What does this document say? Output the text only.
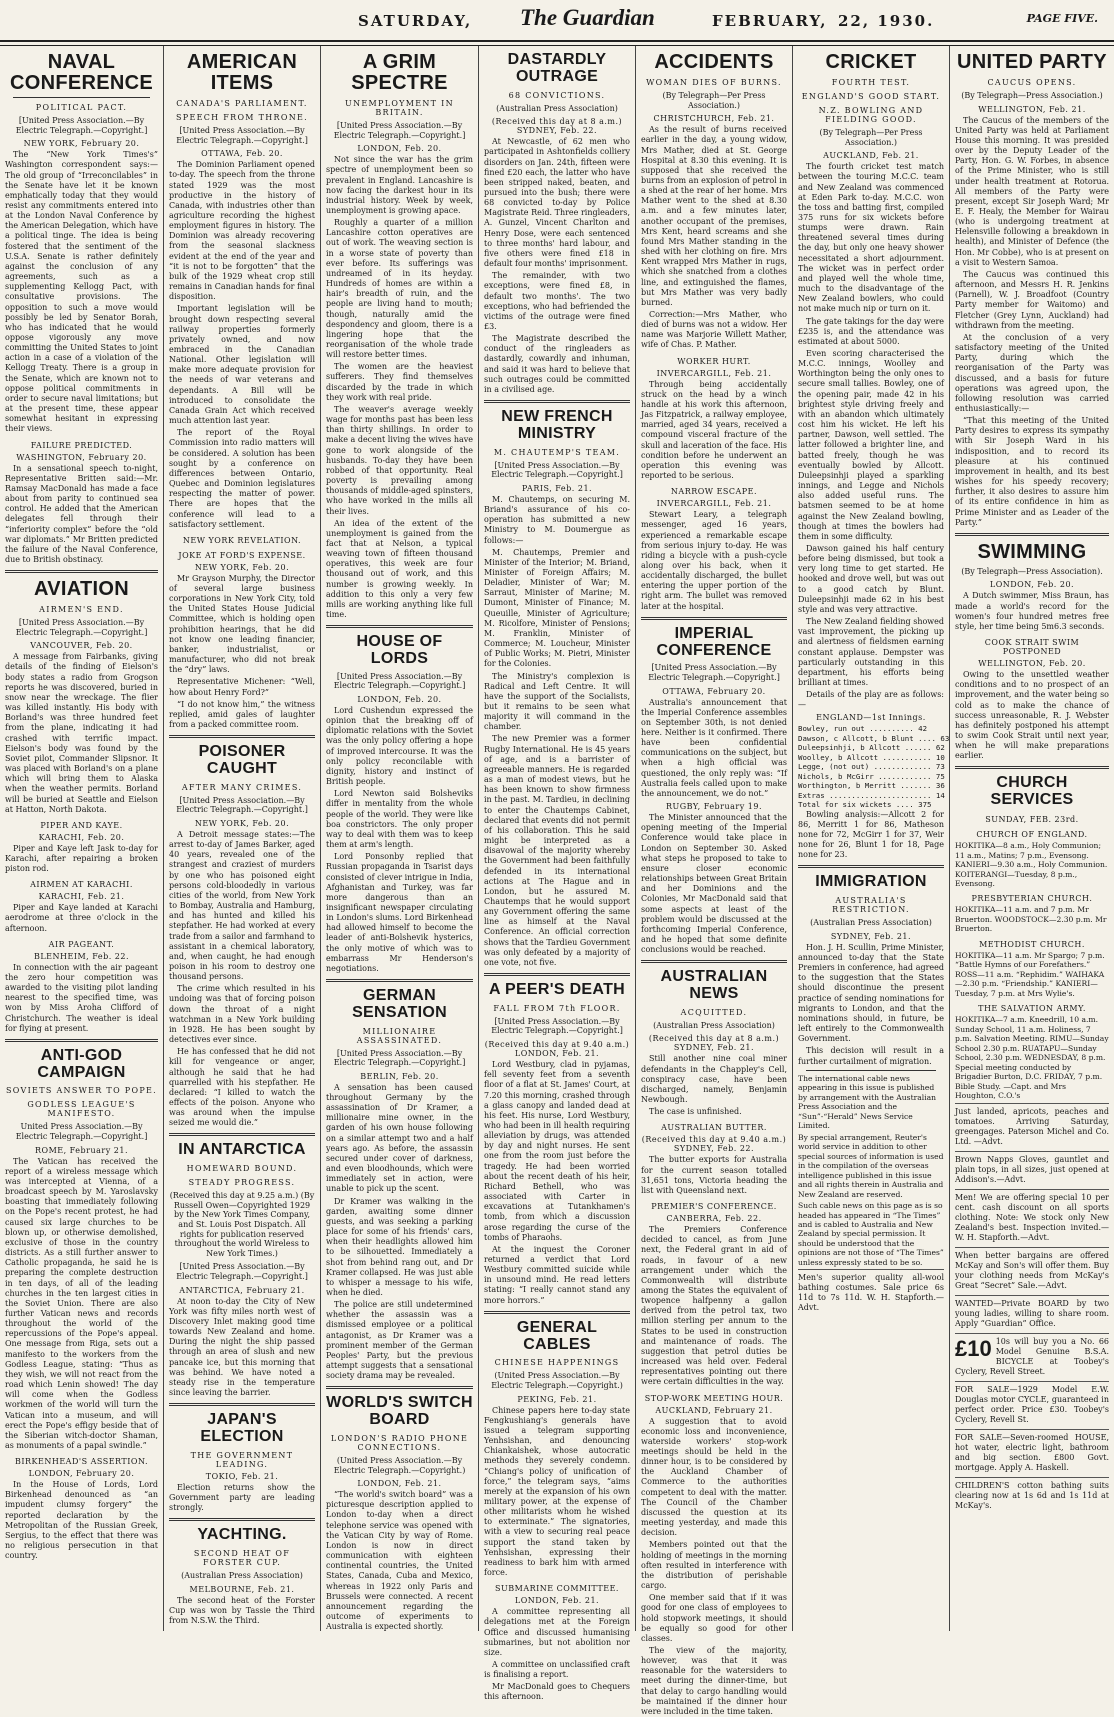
SATURDAY, The Guardian	FEBRUARY, 22, 1930.	PAGE FIVE.
NAVAL CONFERENCE
POLITICAL PACT.
[United Press Association.—By Electric Telegraph.—Copyright.]
NEW YORK, February 20.

The “New York Times's” Washington correspondent says:—The old group of “Irreconcilables” in the Senate have let it be known emphatically today that they would resist any commitments entered into at the London Naval Conference by the American Delegation, which have a political tinge. The idea is being fostered that the sentiment of the U.S.A. Senate is rather definitely against the conclusion of any agreements, such as a supplementing Kellogg Pact, with consultative provisions. The opposition to such a move would possibly be led by Senator Borah, who has indicated that he would oppose vigorously any move committing the United States to joint action in a case of a violation of the Kellogg Treaty. There is a group in the Senate, which are known not to oppose political commitments in order to secure naval limitations; but at the present time, these appear somewhat hesitant in expressing their views.

FAILURE PREDICTED.
WASHINGTON, February 20.

In a sensational speech to-night, Representative Britten said:—Mr. Ramsay MacDonald has made a face about from parity to continued sea control. He added that the American delegates fell through their “inferiority complex” before the “old war diplomats.” Mr Britten predicted the failure of the Naval Conference, due to British obstinacy.

AVIATION
AIRMEN'S END.
[United Press Association.—By Electric Telegraph.—Copyright.]
VANCOUVER, Feb. 20.

A message from Fairbanks, giving details of the finding of Eielson's body states a radio from Grogson reports he was discovered, buried in snow near the wreckage. The flier was killed instantly. His body with Borland's was three hundred feet from the plane, indicating it had crashed with terrific impact. Eielson's body was found by the Soviet pilot, Commander Slipsnor. It was placed with Borland's on a plane which will bring them to Alaska when the weather permits. Borland will be buried at Seattle and Eielson at Hatton, North Dakota.

PIPER AND KAYE.
KARACHI, Feb. 20.

Piper and Kaye left Jask to-day for Karachi, after repairing a broken piston rod.

AIRMEN AT KARACHI.
KARACHI, Feb. 21.

Piper and Kaye landed at Karachi aerodrome at three o'clock in the afternoon.

AIR PAGEANT.
BLENHEIM, Feb. 22.

In connection with the air pageant the zero hour competition was awarded to the visiting pilot landing nearest to the specified time, was won by Miss Aroha Clifford of Christchurch. The weather is ideal for flying at present.

ANTI-GOD CAMPAIGN
SOVIETS ANSWER TO POPE.
GODLESS LEAGUE'S MANIFESTO.
United Press Association.—By Electric Telegraph.—Copyright.]
ROME, February 21.

The Vatican has received the report of a wireless message which was intercepted at Vienna, of a broadcast speech by M. Yaroslavsky boasting that immediately following on the Pope's recent protest, he had caused six large churches to be blown up, or otherwise demolished, exclusive of those in the country districts. As a still further answer to Catholic propaganda, he said he is preparing the complete destruction in ten days, of all of the leading churches in the ten largest cities in the Soviet Union. There are also further Vatican news and records throughout the world of the repercussions of the Pope's appeal. One message from Riga, sets out a manifesto to the workers from the Godless League, stating: “Thus as they wish, we will not react from the road which Lenin showed! The day will come when the Godless workmen of the world will turn the Vatican into a museum, and will erect the Pope's effigy beside that of the Siberian witch-doctor Shaman, as monuments of a papal swindle.”

BIRKENHEAD'S ASSERTION.
LONDON, February 20.

In the House of Lords, Lord Birkenhead denounced as “an impudent clumsy forgery” the reported declaration by the Metropolitan of the Russian Greek, Sergius, to the effect that there was no religious persecution in that country.

AMERICAN ITEMS
CANADA'S PARLIAMENT.
SPEECH FROM THRONE.
[United Press Association.—By Electric Telegraph.—Copyright.]
OTTAWA, Feb. 20.

The Dominion Parliament opened to-day. The speech from the throne stated 1929 was the most productive in the history of Canada, with industries other than agriculture recording the highest employment figures in history. The Dominion was already recovering from the seasonal slackness evident at the end of the year and “it is not to be forgotten” that the bulk of the 1929 wheat crop still remains in Canadian hands for final disposition.

Important legislation will be brought down respecting several railway properties formerly privately owned, and now embraced in the Canadian National. Other legislation will make more adequate provision for the needs of war veterans and dependants. A Bill will be introduced to consolidate the Canada Grain Act which received much attention last year.

The report of the Royal Commission into radio matters will be considered. A solution has been sought by a conference on differences between Ontario, Quebec and Dominion legislatures respecting the matter of power. There are hopes that the conference will lead to a satisfactory settlement.

NEW YORK REVELATION.
JOKE AT FORD'S EXPENSE.
NEW YORK, Feb. 20.

Mr Grayson Murphy, the Director of several large business corporations in New York City, told the United States House Judicial Committee, which is holding open prohibition hearings, that he did not know one leading financier, banker, industrialist, or manufacturer, who did not break the “dry” laws.

Representative Michener: “Well, how about Henry Ford?”

“I do not know him,” the witness replied, amid gales of laughter from a packed committee room.

POISONER CAUGHT
AFTER MANY CRIMES.
[United Press Association.—By Electric Telegraph.—Copyright.]
NEW YORK, Feb. 20.

A Detroit message states:—The arrest to-day of James Barker, aged 40 years, revealed one of the strangest and craziest of murders by one who has poisoned eight persons cold-bloodedly in various cities of the world, from New York to Bombay, Australia and Hamburg, and has hunted and killed his stepfather. He had worked at every trade from a sailor and farmhand to assistant in a chemical laboratory, and, when caught, he had enough poison in his room to destroy one thousand persons.

The crime which resulted in his undoing was that of forcing poison down the throat of a night watchman in a New York building in 1928. He has been sought by detectives ever since.

He has confessed that he did not kill for vengeance or anger, although he said that he had quarrelled with his stepfather. He declared: “I killed to watch the effects of the poison. Anyone who was around when the impulse seized me would die.”

IN ANTARCTICA
HOMEWARD BOUND.
STEADY PROGRESS.
(Received this day at 9.25 a.m.) (By Russell Owen—Copyrighted 1929 by the New York Times Company, and St. Louis Post Dispatch. All rights for publication reserved throughout the world Wireless to New York Times.)
[United Press Association.—By Electric Telegraph.—Copyright.]
ANTARCTICA, February 21.

At noon to-day the City of New York was fifty miles north west of Discovery Inlet making good time towards New Zealand and home. During the night the ship passed through an area of slush and new pancake ice, but this morning that was behind. We have noted a steady rise in the temperature since leaving the barrier.

JAPAN'S ELECTION
THE GOVERNMENT LEADING.
TOKIO, Feb. 21.

Election returns show the Government party are leading strongly.

YACHTING.
SECOND HEAT OF FORSTER CUP.
(Australian Press Association)
MELBOURNE, Feb. 21.

The second heat of the Forster Cup was won by Tassie the Third from N.S.W. the Third.

A GRIM SPECTRE
UNEMPLOYMENT IN BRITAIN.
[United Press Association.—By Electric Telegraph.—Copyright.]
LONDON, Feb. 20.

Not since the war has the grim spectre of unemployment been so prevalent in England. Lancashire is now facing the darkest hour in its industrial history. Week by week, unemployment is growing apace.

Roughly a quarter of a million Lancashire cotton operatives are out of work. The weaving section is in a worse state of poverty than ever before. Its sufferings was undreamed of in its heyday. Hundreds of homes are within a hair's breadth of ruin, and the people are living hand to mouth; though, naturally amid the despondency and gloom, there is a lingering hope that the reorganisation of the whole trade will restore better times.

The women are the heaviest sufferers. They find themselves discarded by the trade in which they work with real pride.

The weaver's average weekly wage for months past has been less than thirty shillings. In order to make a decent living the wives have gone to work alongside of the husbands. To-day they have been robbed of that opportunity. Real poverty is prevailing among thousands of middle-aged spinsters, who have worked in the mills all their lives.

An idea of the extent of the unemployment is gained from the fact that at Nelson, a typical weaving town of fifteen thousand operatives, this week are four thousand out of work, and this number is growing weekly. In addition to this only a very few mills are working anything like full time.

HOUSE OF LORDS
[United Press Association.—By Electric Telegraph.—Copyright.]
LONDON, Feb. 20.

Lord Cushendun expressed the opinion that the breaking off of diplomatic relations with the Soviet was the only policy offering a hope of improved intercourse. It was the only policy reconcilable with dignity, history and instinct of British people.

Lord Newton said Bolsheviks differ in mentality from the whole people of the world. They were like boa constrictors. The only proper way to deal with them was to keep them at arm's length.

Lord Ponsonby replied that Russian propaganda in Tsarist days consisted of clever intrigue in India, Afghanistan and Turkey, was far more dangerous than an insignificant newspaper circulating in London's slums. Lord Birkenhead had allowed himself to become the leader of anti-Bolshevik hysterics, the only motive of which was to embarrass Mr Henderson's negotiations.

GERMAN SENSATION
MILLIONAIRE ASSASSINATED.
[United Press Association.—By Electric Telegraph.—Copyright.]
BERLIN, Feb. 20.

A sensation has been caused throughout Germany by the assassination of Dr Kramer, a millionaire mine owner, in the garden of his own house following on a similar attempt two and a half years ago. As before, the assassin secured under cover of darkness, and even bloodhounds, which were immediately set in action, were unable to pick up the scent.

Dr Kramer was walking in the garden, awaiting some dinner guests, and was seeking a parking place for some of his friends' cars, when their headlights allowed him to be silhouetted. Immediately a shot from behind rang out, and Dr Kramer collapsed. He was just able to whisper a message to his wife, when he died.

The police are still undetermined whether the assassin was a dismissed employee or a political antagonist, as Dr Kramer was a prominent member of the German Peoples' Party, but the previous attempt suggests that a sensational society drama may be revealed.

WORLD'S SWITCH BOARD
LONDON'S RADIO PHONE CONNECTIONS.
(United Press Association.—By Electric Telegraph.—Copyright.)
LONDON, Feb. 21.

“The world's switch board” was a picturesque description applied to London to-day when a direct telephone service was opened with the Vatican City by way of Rome. London is now in direct communication with eighteen continental countries, the United States, Canada, Cuba and Mexico, whereas in 1922 only Paris and Brussels were connected. A recent announcement regarding the outcome of experiments to Australia is expected shortly.

DASTARDLY OUTRAGE
68 CONVICTIONS.
(Australian Press Association)
(Received this day at 8 a.m.) SYDNEY, Feb. 22.

At Newcastle, of 62 men who participated in Ashtonfields colliery disorders on Jan. 24th, fifteen were fined £20 each, the latter who have been stripped naked, beaten, and pursued into the bush; there were 68 convicted to-day by Police Magistrate Reid. Three ringleaders, A. Gunzel, Vincent Charlton and Henry Dose, were each sentenced to three months' hard labour, and five others were fined £18 in default four months' imprisonment.

The remainder, with two exceptions, were fined £8, in default two months'. The two exceptions, who had befriended the victims of the outrage were fined £3.

The Magistrate described the conduct of the ringleaders as dastardly, cowardly and inhuman, and said it was hard to believe that such outrages could be committed in a civilised age.

NEW FRENCH MINISTRY
M. CHAUTEMP'S TEAM.
[United Press Association.—By Electric Telegraph.—Copyright.]
PARIS, Feb. 21.

M. Chautemps, on securing M. Briand's assurance of his co-operation has submitted a new Ministry to M. Doumergue as follows:—

M. Chautemps, Premier and Minister of the Interior; M. Briand, Minister of Foreign Affairs; M. Deladier, Minister of War; M. Sarraut, Minister of Marine; M. Dumont, Minister of Finance; M. Queuille, Minister of Agriculture; M. Ricolfore, Minister of Pensions; M. Franklin, Minister of Commerce; M. Loucheur, Minister of Public Works; M. Pietri, Minister for the Colonies.

The Ministry's complexion is Radical and Left Centre. It will have the support of the Socialists, but it remains to be seen what majority it will command in the chamber.

The new Premier was a former Rugby International. He is 45 years of age, and is a barrister of agreeable manners. He is regarded as a man of modest views, but he has been known to show firmness in the past. M. Tardieu, in declining to enter the Chautemps Cabinet, declared that events did not permit of his collaboration. This he said might be interpreted as a disavowal of the majority whereby the Government had been faithfully defended in its international actions at The Hague and in London, but he assured M. Chautemps that he would support any Government offering the same line as himself at the Naval Conference. An official correction shows that the Tardieu Government was only defeated by a majority of one vote, not five.

A PEER'S DEATH
FALL FROM 7th FLOOR.
[United Press Association.—By Electric Telegraph.—Copyright.]
(Received this day at 9.40 a.m.) LONDON, Feb. 21.

Lord Westbury, clad in pyjamas, fell seventy feet from a seventh floor of a flat at St. James' Court, at 7.20 this morning, crashed through a glass canopy and landed dead at his feet. His nurse, Lord Westbury, who had been in ill health requiring alleviation by drugs, was attended by day and night nurses. He sent one from the room just before the tragedy. He had been worried about the recent death of his heir, Richard Bethell, who was associated with Carter in excavations at Tutankhamen's tomb, from which a discussion arose regarding the curse of the tombs of Pharaohs.

At the inquest the Coroner returned a verdict that Lord Westbury committed suicide while in unsound mind. He read letters stating: “I really cannot stand any more horrors.”

GENERAL CABLES
CHINESE HAPPENINGS
(United Press Association.—By Electric Telegraph.—Copyright.)
PEKING, Feb. 21.

Chinese papers here to-day state Fengkushiang's generals have issued a telegram supporting Yenhsishan, and denouncing Chiankaishek, whose autocratic methods they severely condemn. “Chiang's policy of unification of force,” the telegram says, “aims merely at the expansion of his own military power, at the expense of other militarists whom he wished to exterminate.” The signatories, with a view to securing real peace support the stand taken by Yenhsishan, expressing their readiness to bark him with armed force.

SUBMARINE COMMITTEE.
LONDON, Feb. 21.

A committee representing all delegations met at the Foreign Office and discussed humanising submarines, but not abolition nor size.

A committee on unclassified craft is finalising a report.

Mr MacDonald goes to Chequers this afternoon.

ACCIDENTS
WOMAN DIES OF BURNS.
(By Telegraph—Per Press Association.)
CHRISTCHURCH, Feb. 21.

As the result of burns received earlier in the day, a young widow, Mrs Mather, died at St. George Hospital at 8.30 this evening. It is supposed that she received the burns from an explosion of petrol in a shed at the rear of her home. Mrs Mather went to the shed at 8.30 a.m. and a few minutes later, another occupant of the premises, Mrs Kent, heard screams and she found Mrs Mather standing in the shed with her clothing on fire. Mrs Kent wrapped Mrs Mather in rugs, which she snatched from a clothes line, and extinguished the flames, but Mrs Mather was very badly burned.

Correction:—Mrs Mather, who died of burns was not a widow. Her name was Marjorie Willett Mather, wife of Chas. P. Mather.

WORKER HURT.
INVERCARGILL, Feb. 21.

Through being accidentally struck on the head by a winch handle at his work this afternoon, Jas Fitzpatrick, a railway employee, married, aged 34 years, received a compound visceral fracture of the skull and laceration of the face. His condition before he underwent an operation this evening was reported to be serious.

NARROW ESCAPE.
INVERCARGILL, Feb. 21.

Stewart Leary, a telegraph messenger, aged 16 years, experienced a remarkable escape from serious injury to-day. He was riding a bicycle with a push-cycle along over his back, when it accidentally discharged, the bullet entering the upper portion of the right arm. The bullet was removed later at the hospital.

IMPERIAL CONFERENCE
[United Press Association.—By Electric Telegraph.—Copyright.]
OTTAWA, February 20.

Australia's announcement that the Imperial Conference assembles on September 30th, is not denied here. Neither is it confirmed. There have been confidential communications on the subject, but when a high official was questioned, the only reply was: “If Australia feels called upon to make the announcement, we do not.”

RUGBY, February 19.

The Minister announced that the opening meeting of the Imperial Conference would take place in London on September 30. Asked what steps he proposed to take to ensure closer economic relationships between Great Britain and her Dominions and the Colonies, Mr MacDonald said that some aspects at least of the problem would be discussed at the forthcoming Imperial Conference, and he hoped that some definite conclusions would be reached.

AUSTRALIAN NEWS
ACQUITTED.
(Australian Press Association)
(Received this day at 8 a.m.) SYDNEY, Feb. 21.

Still another nine coal miner defendants in the Chappley's Cell, conspiracy case, have been discharged, namely, Benjamin Newbough.

The case is unfinished.

AUSTRALIAN BUTTER.
(Received this day at 9.40 a.m.) SYDNEY, Feb. 22.

The butter exports for Australia for the current season totalled 31,651 tons, Victoria heading the list with Queensland next.

PREMIER'S CONFERENCE.
CANBERRA, Feb. 22.

The Premiers Conference decided to cancel, as from June next, the Federal grant in aid of roads, in favour of a new arrangement under which the Commonwealth will distribute among the States the equivalent of twopence halfpenny a gallon derived from the petrol tax, two million sterling per annum to the States to be used in construction and maintenance of roads. The suggestion that petrol duties be increased was held over. Federal representatives pointing out there were certain difficulties in the way.

STOP-WORK MEETING HOUR.
AUCKLAND, February 21.

A suggestion that to avoid economic loss and inconvenience, waterside workers' stop-work meetings should be held in the dinner hour, is to be considered by the Auckland Chamber of Commerce to the authorities competent to deal with the matter. The Council of the Chamber discussed the question at its meeting yesterday, and made this decision.

Members pointed out that the holding of meetings in the morning often resulted in interference with the distribution of perishable cargo.

One member said that if it was good for one class of employees to hold stopwork meetings, it should be equally so good for other classes.

The view of the majority, however, was that it was reasonable for the watersiders to meet during the dinner-time, but that delay to cargo handling would be maintained if the dinner hour were included in the time taken.

CRICKET
FOURTH TEST.
ENGLAND'S GOOD START.
N.Z. BOWLING AND FIELDING GOOD.
(By Telegraph—Per Press Association.)
AUCKLAND, Feb. 21.

The fourth cricket test match between the touring M.C.C. team and New Zealand was commenced at Eden Park to-day. M.C.C. won the toss and batting first, compiled 375 runs for six wickets before stumps were drawn. Rain threatened several times during the day, but only one heavy shower necessitated a short adjournment. The wicket was in perfect order and played well the whole time, much to the disadvantage of the New Zealand bowlers, who could not make much nip or turn on it.

The gate takings for the day were £235 is, and the attendance was estimated at about 5000.

Even scoring characterised the M.C.C. innings, Woolley and Worthington being the only ones to secure small tallies. Bowley, one of the opening pair, made 42 in his brightest style driving freely and with an abandon which ultimately cost him his wicket. He left his partner, Dawson, well settled. The latter followed a brighter line, and batted freely, though he was eventually bowled by Allcott. Duleepsinhji played a sparkling innings, and Legge and Nichols also added useful runs. The batsmen seemed to be at home against the New Zealand bowling, though at times the bowlers had them in some difficulty.

Dawson gained his half century before being dismissed, but took a very long time to get started. He hooked and drove well, but was out to a good catch by Blunt. Duleepsinhji made 62 in his best style and was very attractive.

The New Zealand fielding showed vast improvement, the picking up and alertness of fieldsmen earning constant applause. Dempster was particularly outstanding in this department, his efforts being brilliant at times.

Details of the play are as follows:—

ENGLAND—1st Innings.
Bowley, run out .......... 42
Dawson, c Allcott, b Blunt .... 63
Duleepsinhji, b Allcott ...... 62
Woolley, b Allcott ........... 10
Legge, (not out) ............. 73
Nichols, b McGirr ............ 75
Worthington, b Merritt ....... 36
Extras ....................... 14
Total for six wickets .... 375

Bowling analysis:—Allcott 2 for 86, Merritt 1 for 86, Matheson none for 72, McGirr 1 for 37, Weir none for 26, Blunt 1 for 18, Page none for 23.

IMMIGRATION
AUSTRALIA'S RESTRICTION.
(Australian Press Association)
SYDNEY, Feb. 21.

Hon. J. H. Scullin, Prime Minister, announced to-day that the State Premiers in conference, had agreed to the suggestion that the States should discontinue the present practice of sending nominations for migrants to London, and that the nominations should, in future, be left entirely to the Commonwealth Government.

This decision will result in a further curtailment of migration.

The international cable news appearing in this issue is published by arrangement with the Australian Press Association and the “Sun”-“Herald” News Service Limited.

By special arrangement, Reuter's world service in addition to other special sources of information is used in the compilation of the overseas intelligence published in this issue and all rights therein in Australia and New Zealand are reserved.

Such cable news on this page as is so headed has appeared in “The Times” and is cabled to Australia and New Zealand by special permission. It should be understood that the opinions are not those of “The Times” unless expressly stated to be so.

Men's superior quality all-wool bathing costumes. Sale price 6s 11d to 7s 11d. W. H. Stapforth.—Advt.

UNITED PARTY
CAUCUS OPENS.
(By Telegraph—Press Association.)
WELLINGTON, Feb. 21.

The Caucus of the members of the United Party was held at Parliament House this morning. It was presided over by the Deputy Leader of the Party, Hon. G. W. Forbes, in absence of the Prime Minister, who is still under health treatment at Rotorua. All members of the Party were present, except Sir Joseph Ward; Mr E. F. Healy, the Member for Wairau (who is undergoing treatment at Helensville following a breakdown in health), and Minister of Defence (the Hon. Mr Cobbe), who is at present on a visit to Western Samoa.

The Caucus was continued this afternoon, and Messrs H. R. Jenkins (Parnell), W. J. Broadfoot (Country Party member for Waitomo) and Fletcher (Grey Lynn, Auckland) had withdrawn from the meeting.

At the conclusion of a very satisfactory meeting of the United Party, during which the reorganisation of the Party was discussed, and a basis for future operations was agreed upon, the following resolution was carried enthusiastically:—

“That this meeting of the United Party desires to express its sympathy with Sir Joseph Ward in his indisposition, and to record its pleasure at his continued improvement in health, and its best wishes for his speedy recovery; further, it also desires to assure him of its entire confidence in him as Prime Minister and as Leader of the Party.”

SWIMMING
(By Telegraph—Press Association).
LONDON, Feb. 20.

A Dutch swimmer, Miss Braun, has made a world's record for the women's four hundred metres free style, her time being 5m6.3 seconds.

COOK STRAIT SWIM POSTPONED
WELLINGTON, Feb. 20.

Owing to the unsettled weather conditions and to no prospect of an improvement, and the water being so cold as to make the chance of success unreasonable, R. J. Webster has definitely postponed his attempt to swim Cook Strait until next year, when he will make preparations earlier.

CHURCH SERVICES
SUNDAY, FEB. 23rd.
CHURCH OF ENGLAND.

HOKITIKA—8 a.m., Holy Communion; 11 a.m., Matins; 7 p.m., Evensong. KANIERI—9.30 a.m., Holy Communion. KOITERANGI—Tuesday, 8 p.m., Evensong.

PRESBYTERIAN CHURCH.

HOKITIKA—11 a.m. and 7 p.m. Mr Bruerton. WOODSTOCK—2.30 p.m. Mr Bruerton.

METHODIST CHURCH.

HOKITIKA—11 a.m. Mr Spargo; 7 p.m. “Battle Hymns of our Forefathers.” ROSS—11 a.m. “Rephidim.” WAIHAKA—2.30 p.m. “Friendship.” KANIERI—Tuesday, 7 p.m. at Mrs Wylie's.

THE SALVATION ARMY.

HOKITIKA—7 a.m. Kneedrill, 10 a.m. Sunday School, 11 a.m. Holiness, 7 p.m. Salvation Meeting. RIMU—Sunday School 2.30 p.m. RUATAPU—Sunday School, 2.30 p.m. WEDNESDAY, 8 p.m. Special meeting conducted by Brigadier Burton, D.C. FRIDAY, 7 p.m. Bible Study. —Capt. and Mrs Houghton, C.O.'s

Just landed, apricots, peaches and tomatoes. Arriving Saturday, greengages. Paterson Michel and Co. Ltd. —Advt.

Brown Napps Gloves, gauntlet and plain tops, in all sizes, just opened at Addison's.—Advt.

Men! We are offering special 10 per cent. cash discount on all sports clothing. Note: We stock only New Zealand's best. Inspection invited.—W. H. Stapforth.—Advt.

When better bargains are offered McKay and Son's will offer them. Buy your clothing needs from McKay's Great “Secret” Sale.—Advt.

WANTED—Private BOARD by two young ladies, willing to share room. Apply “Guardian” Office.

£10 10s will buy you a No. 66 Model Genuine B.S.A. BICYCLE at Toobey's Cyclery, Revell Street.

FOR SALE—1929 Model E.W. Douglas motor CYCLE, guaranteed in perfect order. Price £30. Toobey's Cyclery, Revell St.

FOR SALE—Seven-roomed HOUSE, hot water, electric light, bathroom and big section. £800 Govt. mortgage. Apply A. Haskell.

CHILDREN'S cotton bathing suits clearing now at 1s 6d and 1s 11d at McKay's.
